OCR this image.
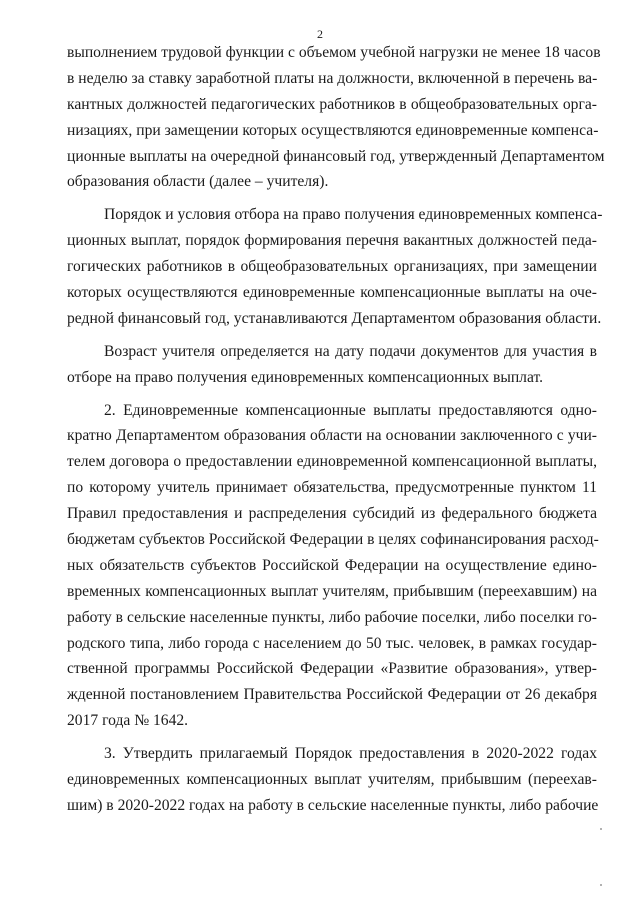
2
выполнением трудовой функции с объемом учебной нагрузки не менее 18 часов
в неделю за ставку заработной платы на должности, включенной в перечень ва-
кантных должностей педагогических работников в общеобразовательных орга-
низациях, при замещении которых осуществляются единовременные компенса-
ционные выплаты на очередной финансовый год, утвержденный Департаментом
образования области (далее – учителя).
Порядок и условия отбора на право получения единовременных компенса-
ционных выплат, порядок формирования перечня вакантных должностей педа-
гогических работников в общеобразовательных организациях, при замещении
которых осуществляются единовременные компенсационные выплаты на оче-
редной финансовый год, устанавливаются Департаментом образования области.
Возраст учителя определяется на дату подачи документов для участия в
отборе на право получения единовременных компенсационных выплат.
2. Единовременные компенсационные выплаты предоставляются одно-
кратно Департаментом образования области на основании заключенного с учи-
телем договора о предоставлении единовременной компенсационной выплаты,
по которому учитель принимает обязательства, предусмотренные пунктом 11
Правил предоставления и распределения субсидий из федерального бюджета
бюджетам субъектов Российской Федерации в целях софинансирования расход-
ных обязательств субъектов Российской Федерации на осуществление едино-
временных компенсационных выплат учителям, прибывшим (переехавшим) на
работу в сельские населенные пункты, либо рабочие поселки, либо поселки го-
родского типа, либо города с населением до 50 тыс. человек, в рамках государ-
ственной программы Российской Федерации «Развитие образования», утвер-
жденной постановлением Правительства Российской Федерации от 26 декабря
2017 года № 1642.
3. Утвердить прилагаемый Порядок предоставления в 2020-2022 годах
единовременных компенсационных выплат учителям, прибывшим (переехав-
шим) в 2020-2022 годах на работу в сельские населенные пункты, либо рабочие
